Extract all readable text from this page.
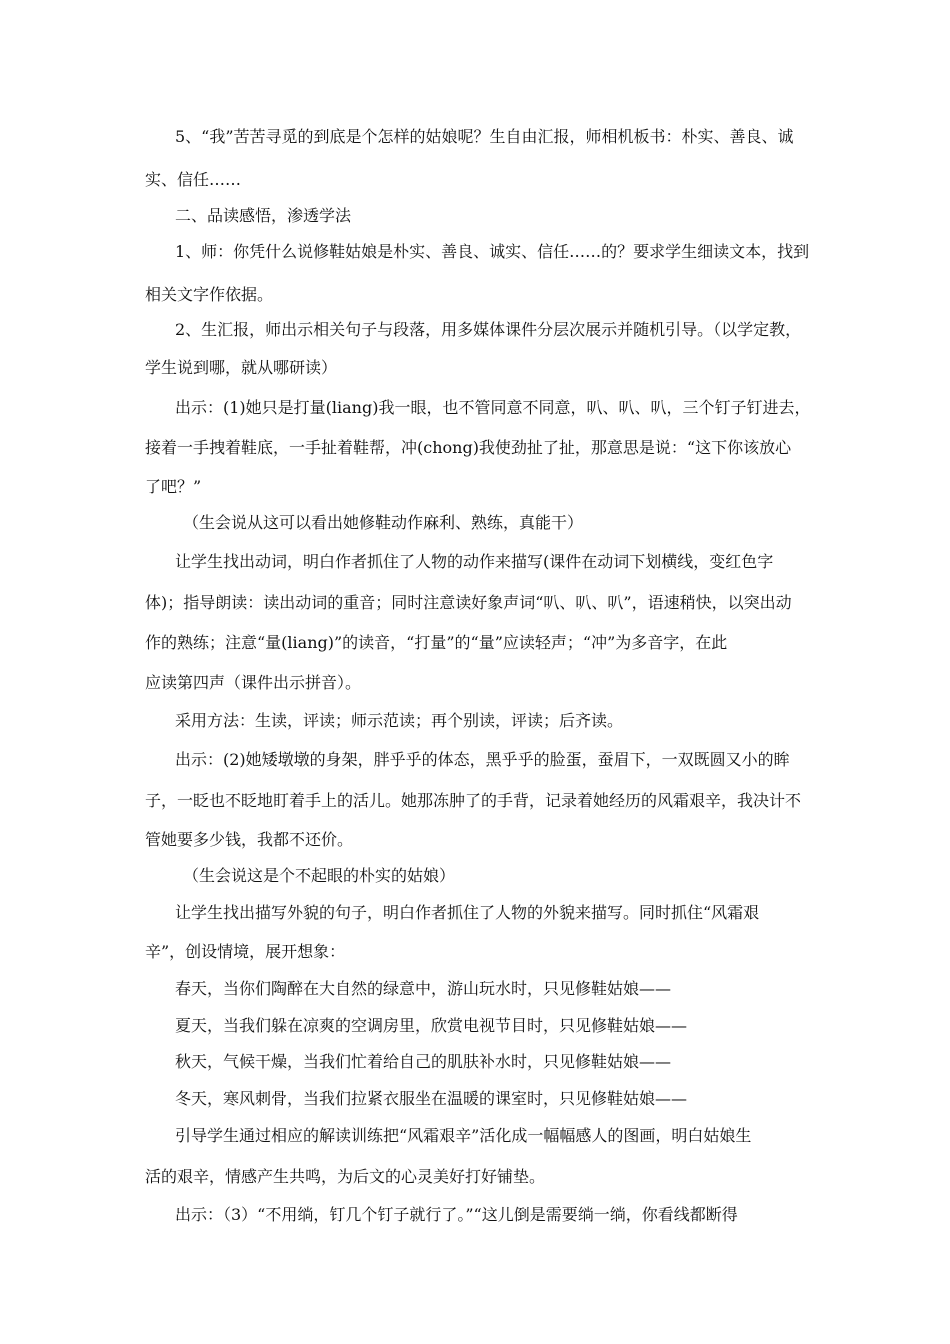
5、“我”苦苦寻觅的到底是个怎样的姑娘呢？生自由汇报，师相机板书：朴实、善良、诚
实、信任……
二、品读感悟，渗透学法
1、师：你凭什么说修鞋姑娘是朴实、善良、诚实、信任……的？要求学生细读文本，找到
相关文字作依据。
2、生汇报，师出示相关句子与段落，用多媒体课件分层次展示并随机引导。（以学定教，
学生说到哪，就从哪研读）
出示：(1)她只是打量(liang)我一眼，也不管同意不同意，叭、叭、叭，三个钉子钉进去，
接着一手拽着鞋底，一手扯着鞋帮，冲(chong)我使劲扯了扯，那意思是说：“这下你该放心
了吧？”
（生会说从这可以看出她修鞋动作麻利、熟练，真能干）
让学生找出动词，明白作者抓住了人物的动作来描写(课件在动词下划横线，变红色字
体)；指导朗读：读出动词的重音；同时注意读好象声词“叭、叭、叭”，语速稍快，以突出动
作的熟练；注意“量(liang)”的读音，“打量”的“量”应读轻声；“冲”为多音字，在此
应读第四声（课件出示拼音）。
采用方法：生读，评读；师示范读；再个别读，评读；后齐读。
出示：(2)她矮墩墩的身架，胖乎乎的体态，黑乎乎的脸蛋，蚕眉下，一双既圆又小的眸
子，一眨也不眨地盯着手上的活儿。她那冻肿了的手背，记录着她经历的风霜艰辛，我决计不
管她要多少钱，我都不还价。
（生会说这是个不起眼的朴实的姑娘）
让学生找出描写外貌的句子，明白作者抓住了人物的外貌来描写。同时抓住“风霜艰
辛”，创设情境，展开想象：
春天，当你们陶醉在大自然的绿意中，游山玩水时，只见修鞋姑娘——
夏天，当我们躲在凉爽的空调房里，欣赏电视节目时，只见修鞋姑娘——
秋天，气候干燥，当我们忙着给自己的肌肤补水时，只见修鞋姑娘——
冬天，寒风刺骨，当我们拉紧衣服坐在温暖的课室时，只见修鞋姑娘——
引导学生通过相应的解读训练把“风霜艰辛”活化成一幅幅感人的图画，明白姑娘生
活的艰辛，情感产生共鸣，为后文的心灵美好打好铺垫。
出示：（3）“不用绱，钉几个钉子就行了。”“这儿倒是需要绱一绱，你看线都断得
